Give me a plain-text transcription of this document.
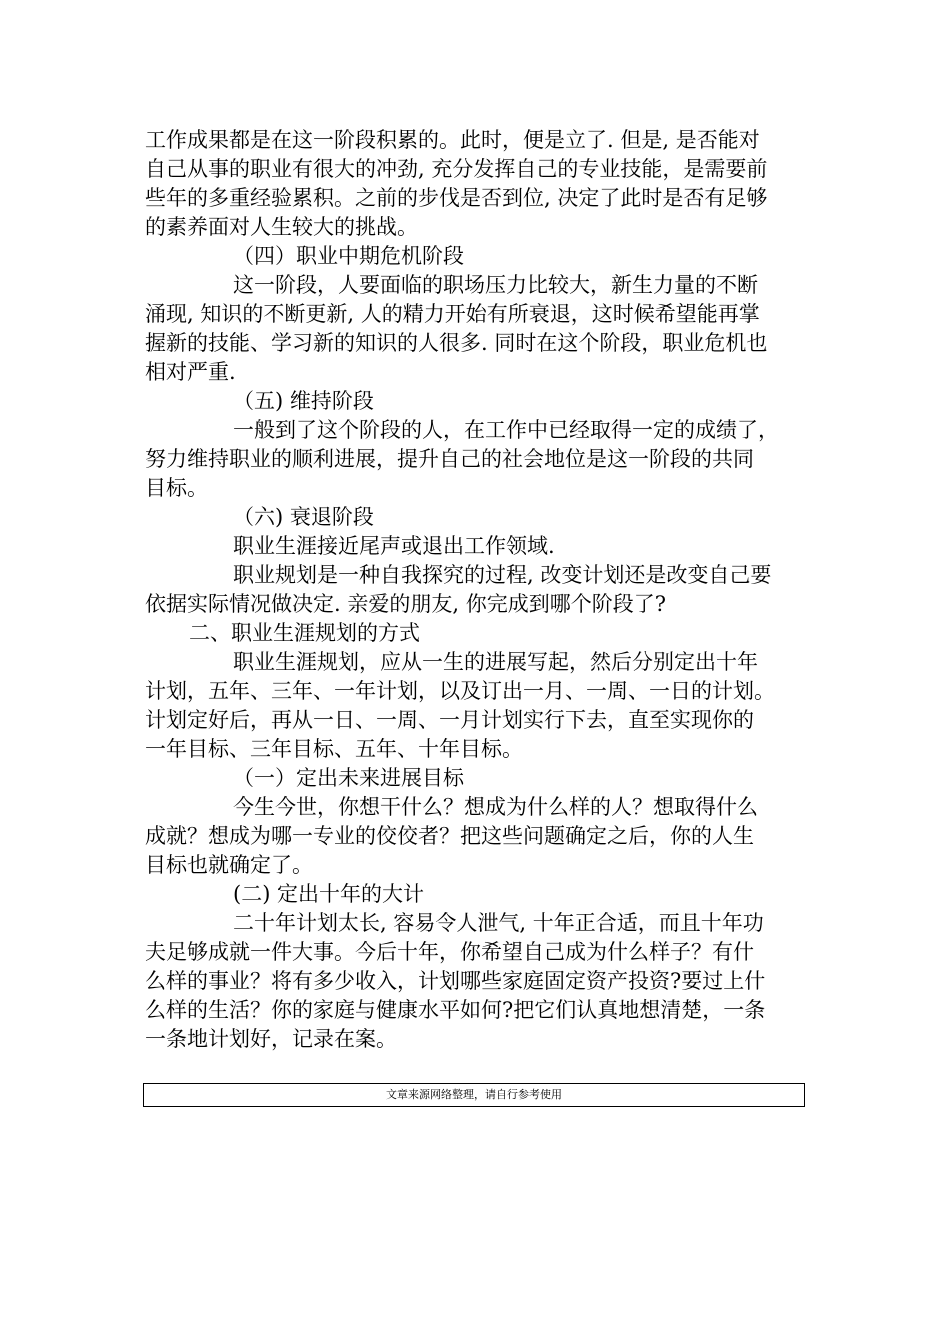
工作成果都是在这一阶段积累的。此时，便是立了. 但是, 是否能对
自己从事的职业有很大的冲劲, 充分发挥自己的专业技能，是需要前
些年的多重经验累积。之前的步伐是否到位, 决定了此时是否有足够
的素养面对人生较大的挑战。
（四）职业中期危机阶段
这一阶段，人要面临的职场压力比较大，新生力量的不断
涌现, 知识的不断更新, 人的精力开始有所衰退，这时候希望能再掌
握新的技能、学习新的知识的人很多. 同时在这个阶段，职业危机也
相对严重.
（五) 维持阶段
一般到了这个阶段的人，在工作中已经取得一定的成绩了，
努力维持职业的顺利进展，提升自己的社会地位是这一阶段的共同
目标。
（六) 衰退阶段
职业生涯接近尾声或退出工作领域.
职业规划是一种自我探究的过程, 改变计划还是改变自己要
依据实际情况做决定. 亲爱的朋友, 你完成到哪个阶段了?
二、职业生涯规划的方式
职业生涯规划，应从一生的进展写起，然后分别定出十年
计划，五年、三年、一年计划，以及订出一月、一周、一日的计划。
计划定好后，再从一日、一周、一月计划实行下去，直至实现你的
一年目标、三年目标、五年、十年目标。
（一）定出未来进展目标
今生今世，你想干什么？想成为什么样的人？想取得什么
成就？想成为哪一专业的佼佼者？把这些问题确定之后，你的人生
目标也就确定了。
(二) 定出十年的大计
二十年计划太长, 容易令人泄气, 十年正合适，而且十年功
夫足够成就一件大事。今后十年，你希望自己成为什么样子？有什
么样的事业？将有多少收入，计划哪些家庭固定资产投资?要过上什
么样的生活？你的家庭与健康水平如何?把它们认真地想清楚，一条
一条地计划好，记录在案。
文章来源网络整理，请自行参考使用
